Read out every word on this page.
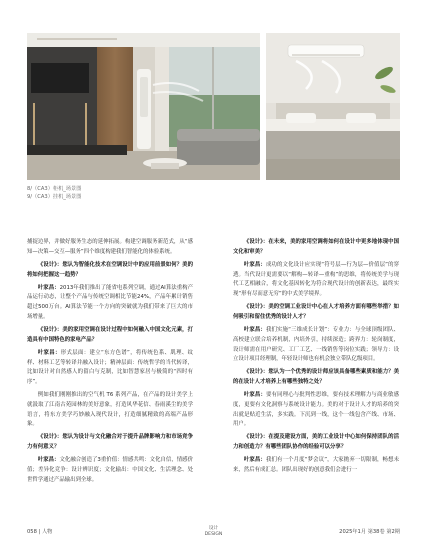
8/（CA3）柜机_场景图
9/（CA3）挂机_场景图

捕捉边界，并做好服务生态的延伸拓展。构建空调服务新范式，从“感知—决策—交互—服务”四个维度构建我们智能化的体验系统。

《设计》：您认为智能化技术在空调设计中的应用前景如何？美的将如何把握这一趋势？

叶家昌：2013年我们推出了能省电系列空调，通过AI算法重构产品运行动态，让整个产品与传统空调相比节能24%，产品年累计销售超过500万台。AI算法节能一个方向的突破就为我们带来了巨大的市场增量。

《设计》：美的家用空调在设计过程中如何融入中国文化元素，打造具有中国特色的家电产品？

叶家昌：形式层面：建立“东方色谱”，将传统色系、肌理、纹样、材料工艺等转译并融入设计；精神层面：传统哲学的当代转译，比如设计对自然感人的留白与克制，比如智慧家居与极简的“四时有序”。

例如我们刚刚推出的空气机 T6 系列产品，在产品的设计美学上就汲取了江南古苑园林的美好意象，打造风华花信、春雨溪尘的美学语言，将东方美学巧妙融入现代设计，打造细腻精致的高端产品形象。

《设计》：您认为设计与文化融合对于提升品牌影响力和市场竞争力有何意义？

叶家昌：文化融合创造了3重价值：情感共鸣：文化自信，情感价值；差异化竞争：设计辨识度；文化输出：中国文化、生活理念、处世哲学通过产品输出到全球。

《设计》：在未来，美的家用空调将如何在设计中更多地体现中国文化和审美？

叶家昌：成功的文化设计应实现“符号层—行为层—价值层”的穿透。当代设计更需要以“解构—转译—重构”的思维，将传统美学与现代工艺相融合，将文化基因转化为符合现代设计的创新表达，最终实现“形有尽而意无穷”的中式美学境界。

《设计》：美的空调工业设计中心在人才培养方面有哪些举措？如何吸引和留住优秀的设计人才？

叶家昌：我们实施“三维成长计划”：专业力：与全球顶级团队、高校建立联合培养机制，内培外引，持续深造；跨界力：轮岗制度，设计师需在用户研究、工厂工艺、一线销售等岗位实践；领导力：设立设计项目经理制，年轻设计师也有机会独立带队亿级项目。

《设计》：您认为一个优秀的设计师应该具备哪些素质和能力？美的在设计人才培养上有哪些独特之处？

叶家昌：要有同理心与批判性思维，要有技术理解力与商业敏感度，更要有文化洞察与系统设计能力。美的对于设计人才的培养的突出就是贴近生活，多实践。下沉到一线，这个一线包含产线、市场、用户。

《设计》：在提及建设方面，美的工业设计中心如何保持团队的活力和创造力？有哪些团队协作的经验可以分享？

叶家昌：我们有一个月度“梦会议”，大家抛弃一切限制，畅想未来，然后有成汇总。团队出现好的创意我们会进行一

058 | 人物
设计
DESIGN	2025年1月 第38卷 第2期
